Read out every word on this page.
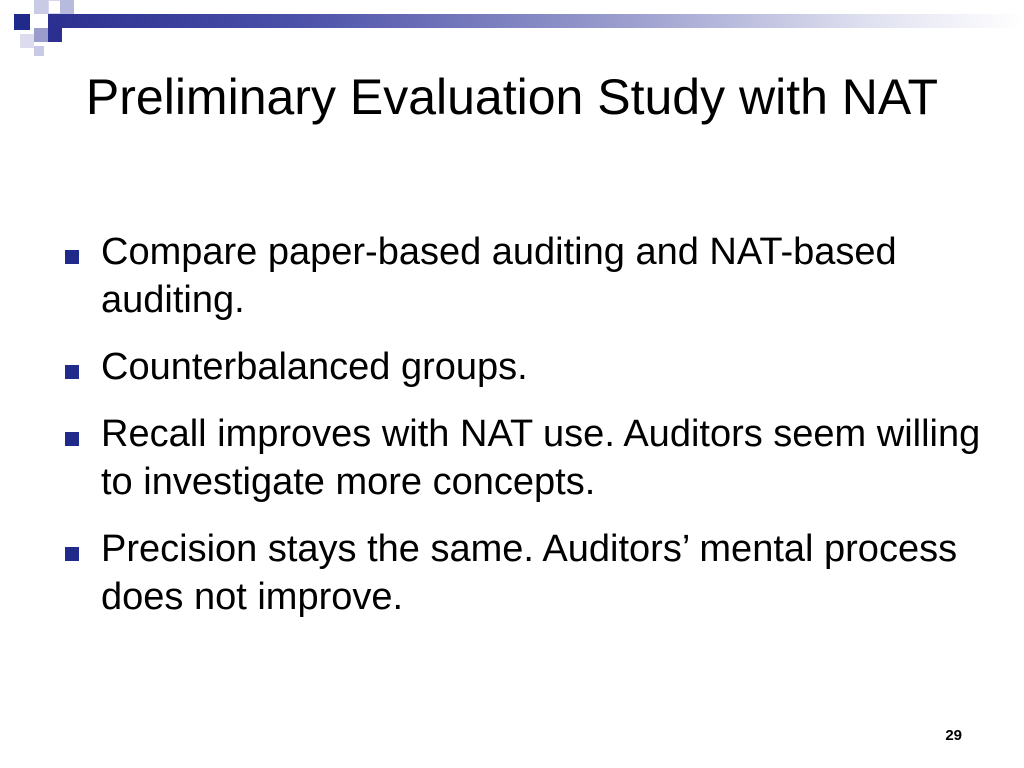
Preliminary Evaluation Study with NAT
Compare paper-based auditing and NAT-based auditing.
Counterbalanced groups.
Recall improves with NAT use. Auditors seem willing to investigate more concepts.
Precision stays the same. Auditors’ mental process does not improve.
29
